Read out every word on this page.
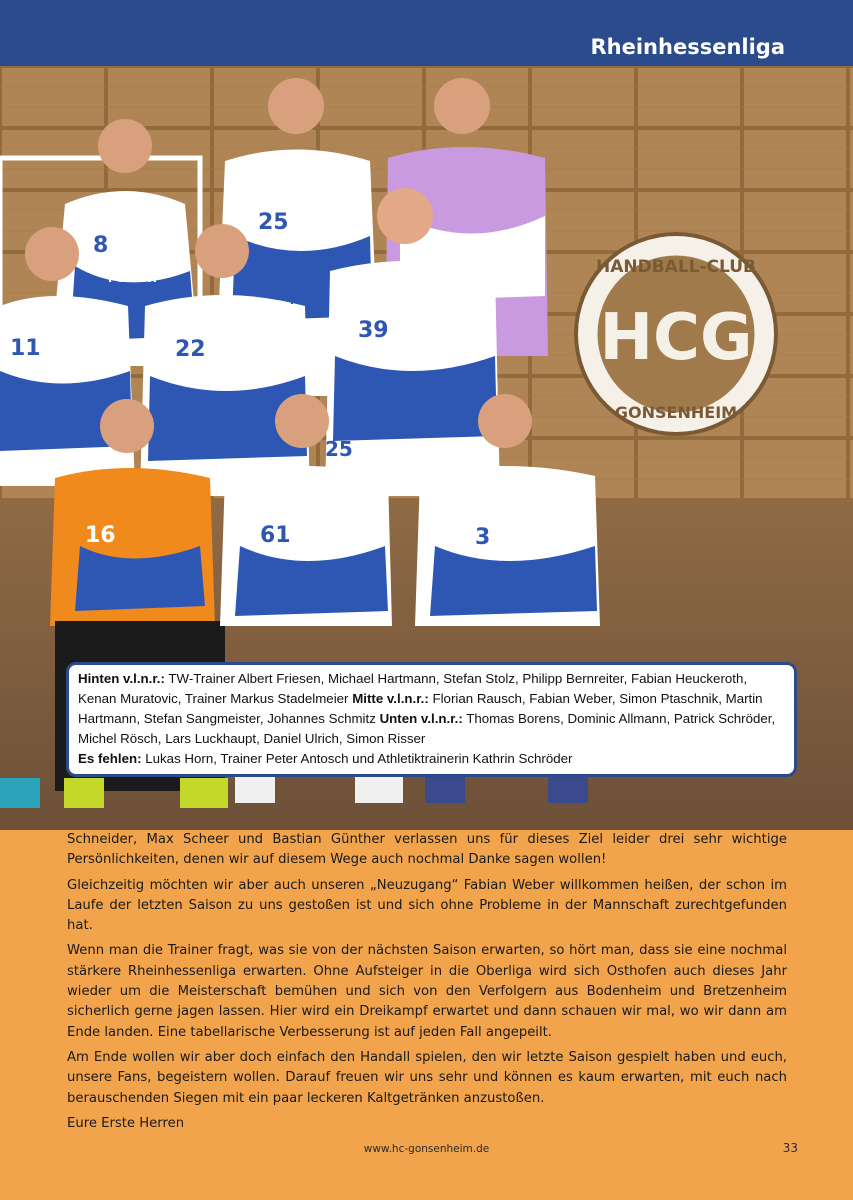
Rheinhessenliga
HANDBALL-CLUB
HCG
GONSENHEIM
8
25
11	22
39
25
16	61	3
POLLUX
POLLUX
TESTING
Italia
Hinten v.l.n.r.: TW-Trainer Albert Friesen, Michael Hartmann, Stefan Stolz, Philipp Bernreiter, Fabian Heuckeroth, Kenan Muratovic, Trainer Markus Stadelmeier Mitte v.l.n.r.: Florian Rausch, Fabian Weber, Simon Ptaschnik, Martin Hartmann, Stefan Sangmeister, Johannes Schmitz Unten v.l.n.r.: Thomas Borens, Dominic Allmann, Patrick Schröder, Michel Rösch, Lars Luckhaupt, Daniel Ulrich, Simon Risser
Es fehlen: Lukas Horn, Trainer Peter Antosch und Athletiktrainerin Kathrin Schröder

Schneider, Max Scheer und Bastian Günther verlassen uns für dieses Ziel leider drei sehr wichtige Persönlichkeiten, denen wir auf diesem Wege auch nochmal Danke sagen wollen!

Gleichzeitig möchten wir aber auch unseren „Neuzugang“ Fabian Weber willkommen heißen, der schon im Laufe der letzten Saison zu uns gestoßen ist und sich ohne Probleme in der Mannschaft zurechtgefunden hat.

Wenn man die Trainer fragt, was sie von der nächsten Saison erwarten, so hört man, dass sie eine nochmal stärkere Rheinhessenliga erwarten. Ohne Aufsteiger in die Oberliga wird sich Osthofen auch dieses Jahr wieder um die Meisterschaft bemühen und sich von den Verfolgern aus Bodenheim und Bretzenheim sicherlich gerne jagen lassen. Hier wird ein Dreikampf erwartet und dann schauen wir mal, wo wir dann am Ende landen. Eine tabellarische Verbesserung ist auf jeden Fall angepeilt.

Am Ende wollen wir aber doch einfach den Handall spielen, den wir letzte Saison gespielt haben und euch, unsere Fans, begeistern wollen. Darauf freuen wir uns sehr und können es kaum erwarten, mit euch nach berauschenden Siegen mit ein paar leckeren Kaltgetränken anzustoßen.

Eure Erste Herren

www.hc-gonsenheim.de	33
